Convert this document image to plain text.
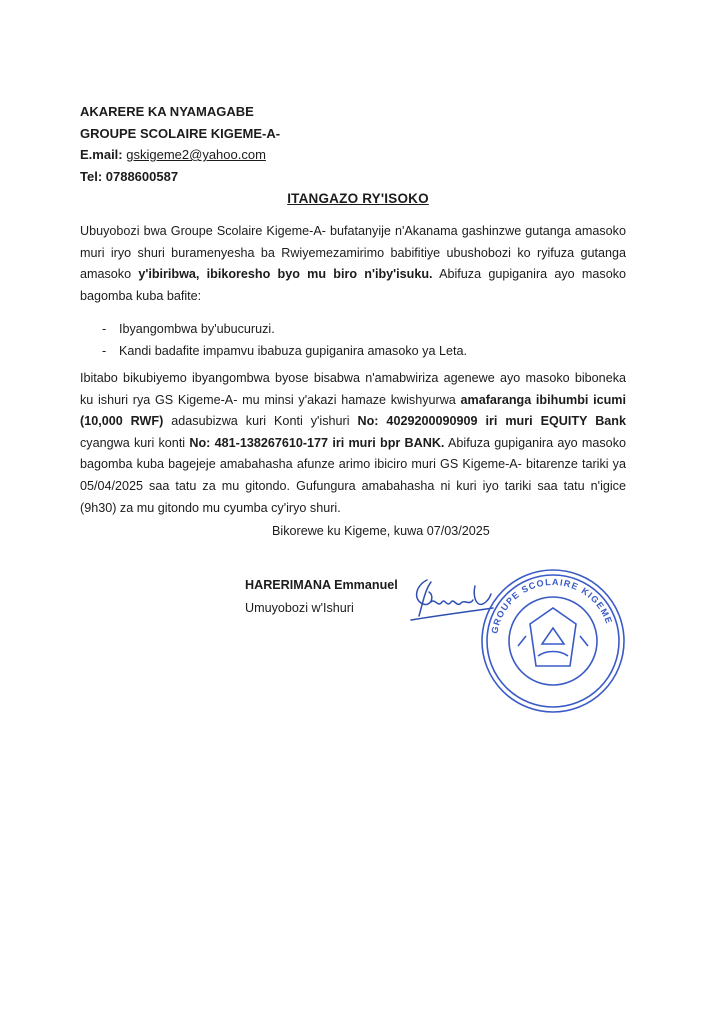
AKARERE KA NYAMAGABE
GROUPE SCOLAIRE KIGEME-A-
E.mail: gskigeme2@yahoo.com
Tel: 0788600587
ITANGAZO RY'ISOKO

Ubuyobozi bwa Groupe Scolaire Kigeme-A- bufatanyije n'Akanama gashinzwe gutanga amasoko muri iryo shuri buramenyesha ba Rwiyemezamirimo babifitiye ubushobozi ko ryifuza gutanga amasoko y'ibiribwa, ibikoresho byo mu biro n'iby'isuku. Abifuza gupiganira ayo masoko bagomba kuba bafite:

- Ibyangombwa by'ubucuruzi.
- Kandi badafite impamvu ibabuza gupiganira amasoko ya Leta.

Ibitabo bikubiyemo ibyangombwa byose bisabwa n'amabwiriza agenewe ayo masoko biboneka ku ishuri rya GS Kigeme-A- mu minsi y'akazi hamaze kwishyurwa amafaranga ibihumbi icumi (10,000 RWF) adasubizwa kuri Konti y'ishuri No: 4029200090909 iri muri EQUITY Bank cyangwa kuri konti No: 481-138267610-177 iri muri bpr BANK. Abifuza gupiganira ayo masoko bagomba kuba bagejeje amabahasha afunze arimo ibiciro muri GS Kigeme-A- bitarenze tariki ya 05/04/2025 saa tatu za mu gitondo. Gufungura amabahasha ni kuri iyo tariki saa tatu n'igice (9h30) za mu gitondo mu cyumba cy'iryo shuri.

Bikorewe ku Kigeme, kuwa 07/03/2025
HARERIMANA Emmanuel
Umuyobozi w'Ishuri
GROUPE SCOLAIRE KIGEME
